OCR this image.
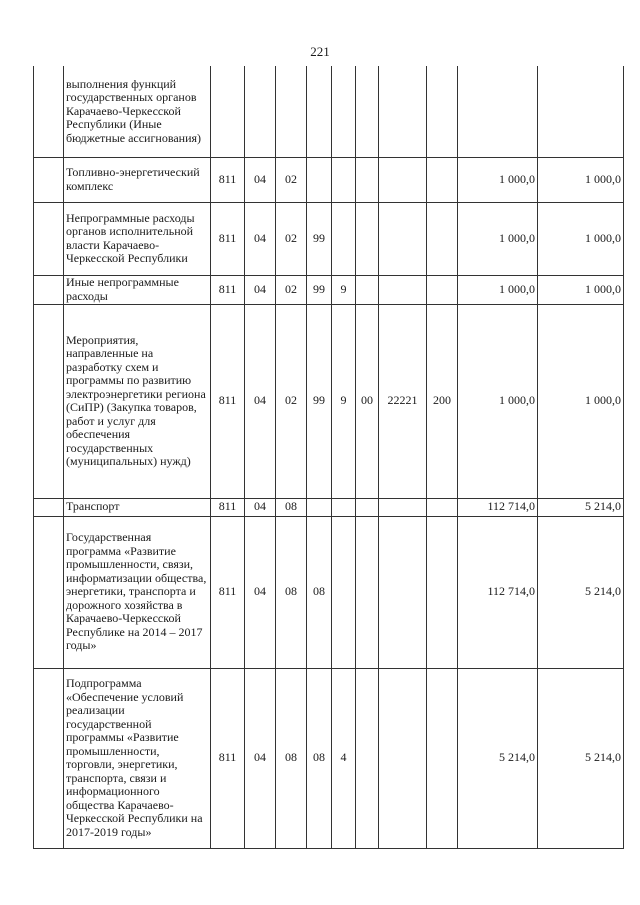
221
	выполнения функций государственных органов Карачаево-Черкесской Республики (Иные бюджетные ассигнования)										
	Топливно-энергетический комплекс	811	04	02						1 000,0	1 000,0
	Непрограммные расходы органов исполнительной власти Карачаево-Черкесской Республики	811	04	02	99					1 000,0	1 000,0
	Иные непрограммные расходы	811	04	02	99	9				1 000,0	1 000,0
	Мероприятия, направленные на разработку схем и программы по развитию электроэнергетики региона (СиПР) (Закупка товаров, работ и услуг для обеспечения государственных (муниципальных) нужд)	811	04	02	99	9	00	22221	200	1 000,0	1 000,0
	Транспорт	811	04	08						112 714,0	5 214,0
	Государственная программа «Развитие промышленности, связи, информатизации общества, энергетики, транспорта и дорожного хозяйства в Карачаево-Черкесской Республике на 2014 – 2017 годы»	811	04	08	08					112 714,0	5 214,0
	Подпрограмма «Обеспечение условий реализации государственной программы «Развитие промышленности, торговли, энергетики, транспорта, связи и информационного общества Карачаево-Черкесской Республики на 2017-2019 годы»	811	04	08	08	4				5 214,0	5 214,0
